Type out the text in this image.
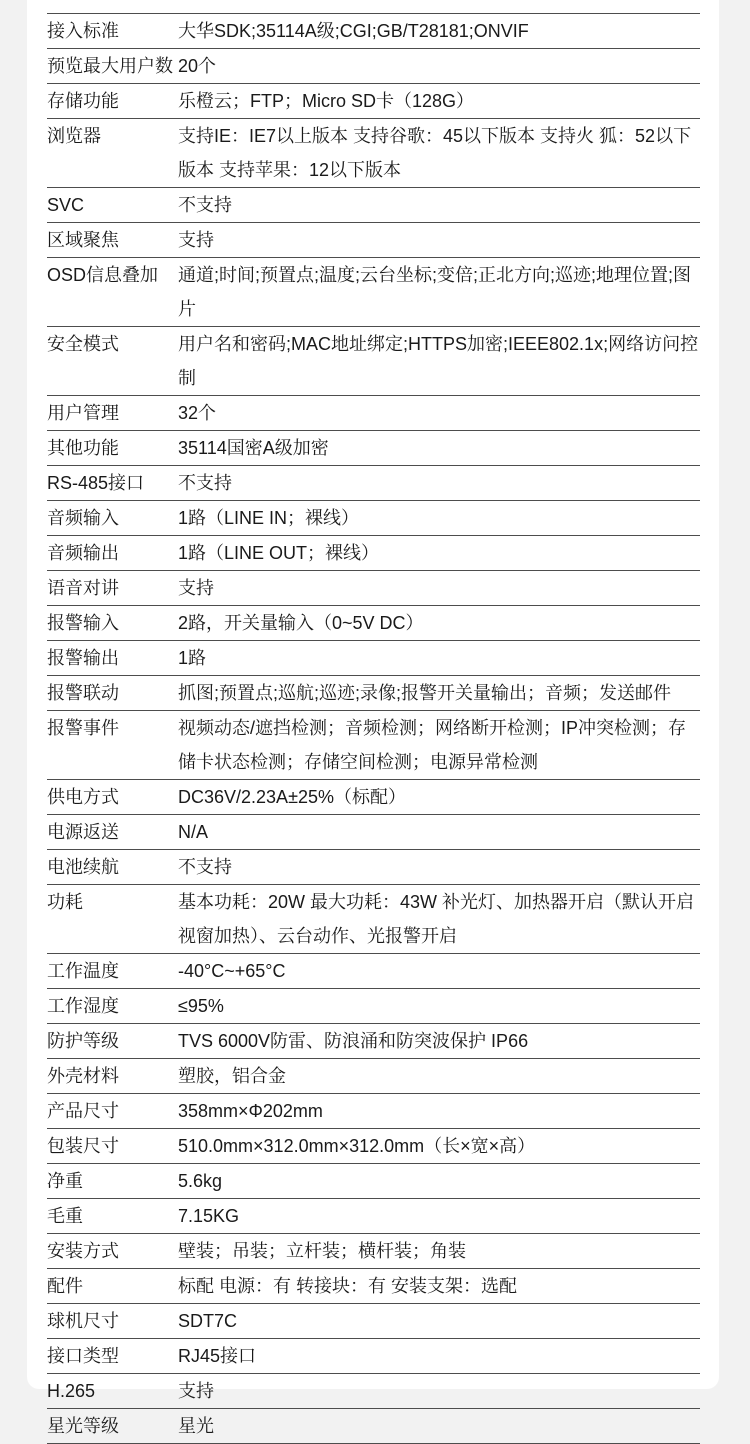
接入标准	大华SDK;35114A级;CGI;GB/T28181;ONVIF
预览最大用户数 20个
存储功能	乐橙云；FTP；Micro SD卡（128G）
浏览器	支持IE：IE7以上版本 支持谷歌：45以下版本 支持火 狐：52以下版本 支持苹果：12以下版本
SVC	不支持
区域聚焦	支持
OSD信息叠加	通道;时间;预置点;温度;云台坐标;变倍;正北方向;巡迹;地理位置;图片
安全模式	用户名和密码;MAC地址绑定;HTTPS加密;IEEE802.1x;网络访问控制
用户管理	32个
其他功能	35114国密A级加密
RS-485接口	不支持
音频输入	1路（LINE IN；裸线）
音频输出	1路（LINE OUT；裸线）
语音对讲	支持
报警输入	2路，开关量输入（0~5V DC）
报警输出	1路
报警联动	抓图;预置点;巡航;巡迹;录像;报警开关量输出；音频；发送邮件
报警事件	视频动态/遮挡检测；音频检测；网络断开检测；IP冲突检测；存储卡状态检测；存储空间检测；电源异常检测
供电方式	DC36V/2.23A±25%（标配）
电源返送	N/A
电池续航	不支持
功耗	基本功耗：20W 最大功耗：43W 补光灯、加热器开启（默认开启视窗加热）、云台动作、光报警开启
工作温度	-40°C~+65°C
工作湿度	≤95%
防护等级	TVS 6000V防雷、防浪涌和防突波保护 IP66
外壳材料	塑胶，铝合金
产品尺寸	358mm×Φ202mm
包装尺寸	510.0mm×312.0mm×312.0mm（长×宽×高）
净重	5.6kg
毛重	7.15KG
安装方式	壁装；吊装；立杆装；横杆装；角装
配件	标配 电源：有 转接块：有 安装支架：选配
球机尺寸	SDT7C
接口类型	RJ45接口
H.265	支持
星光等级	星光
